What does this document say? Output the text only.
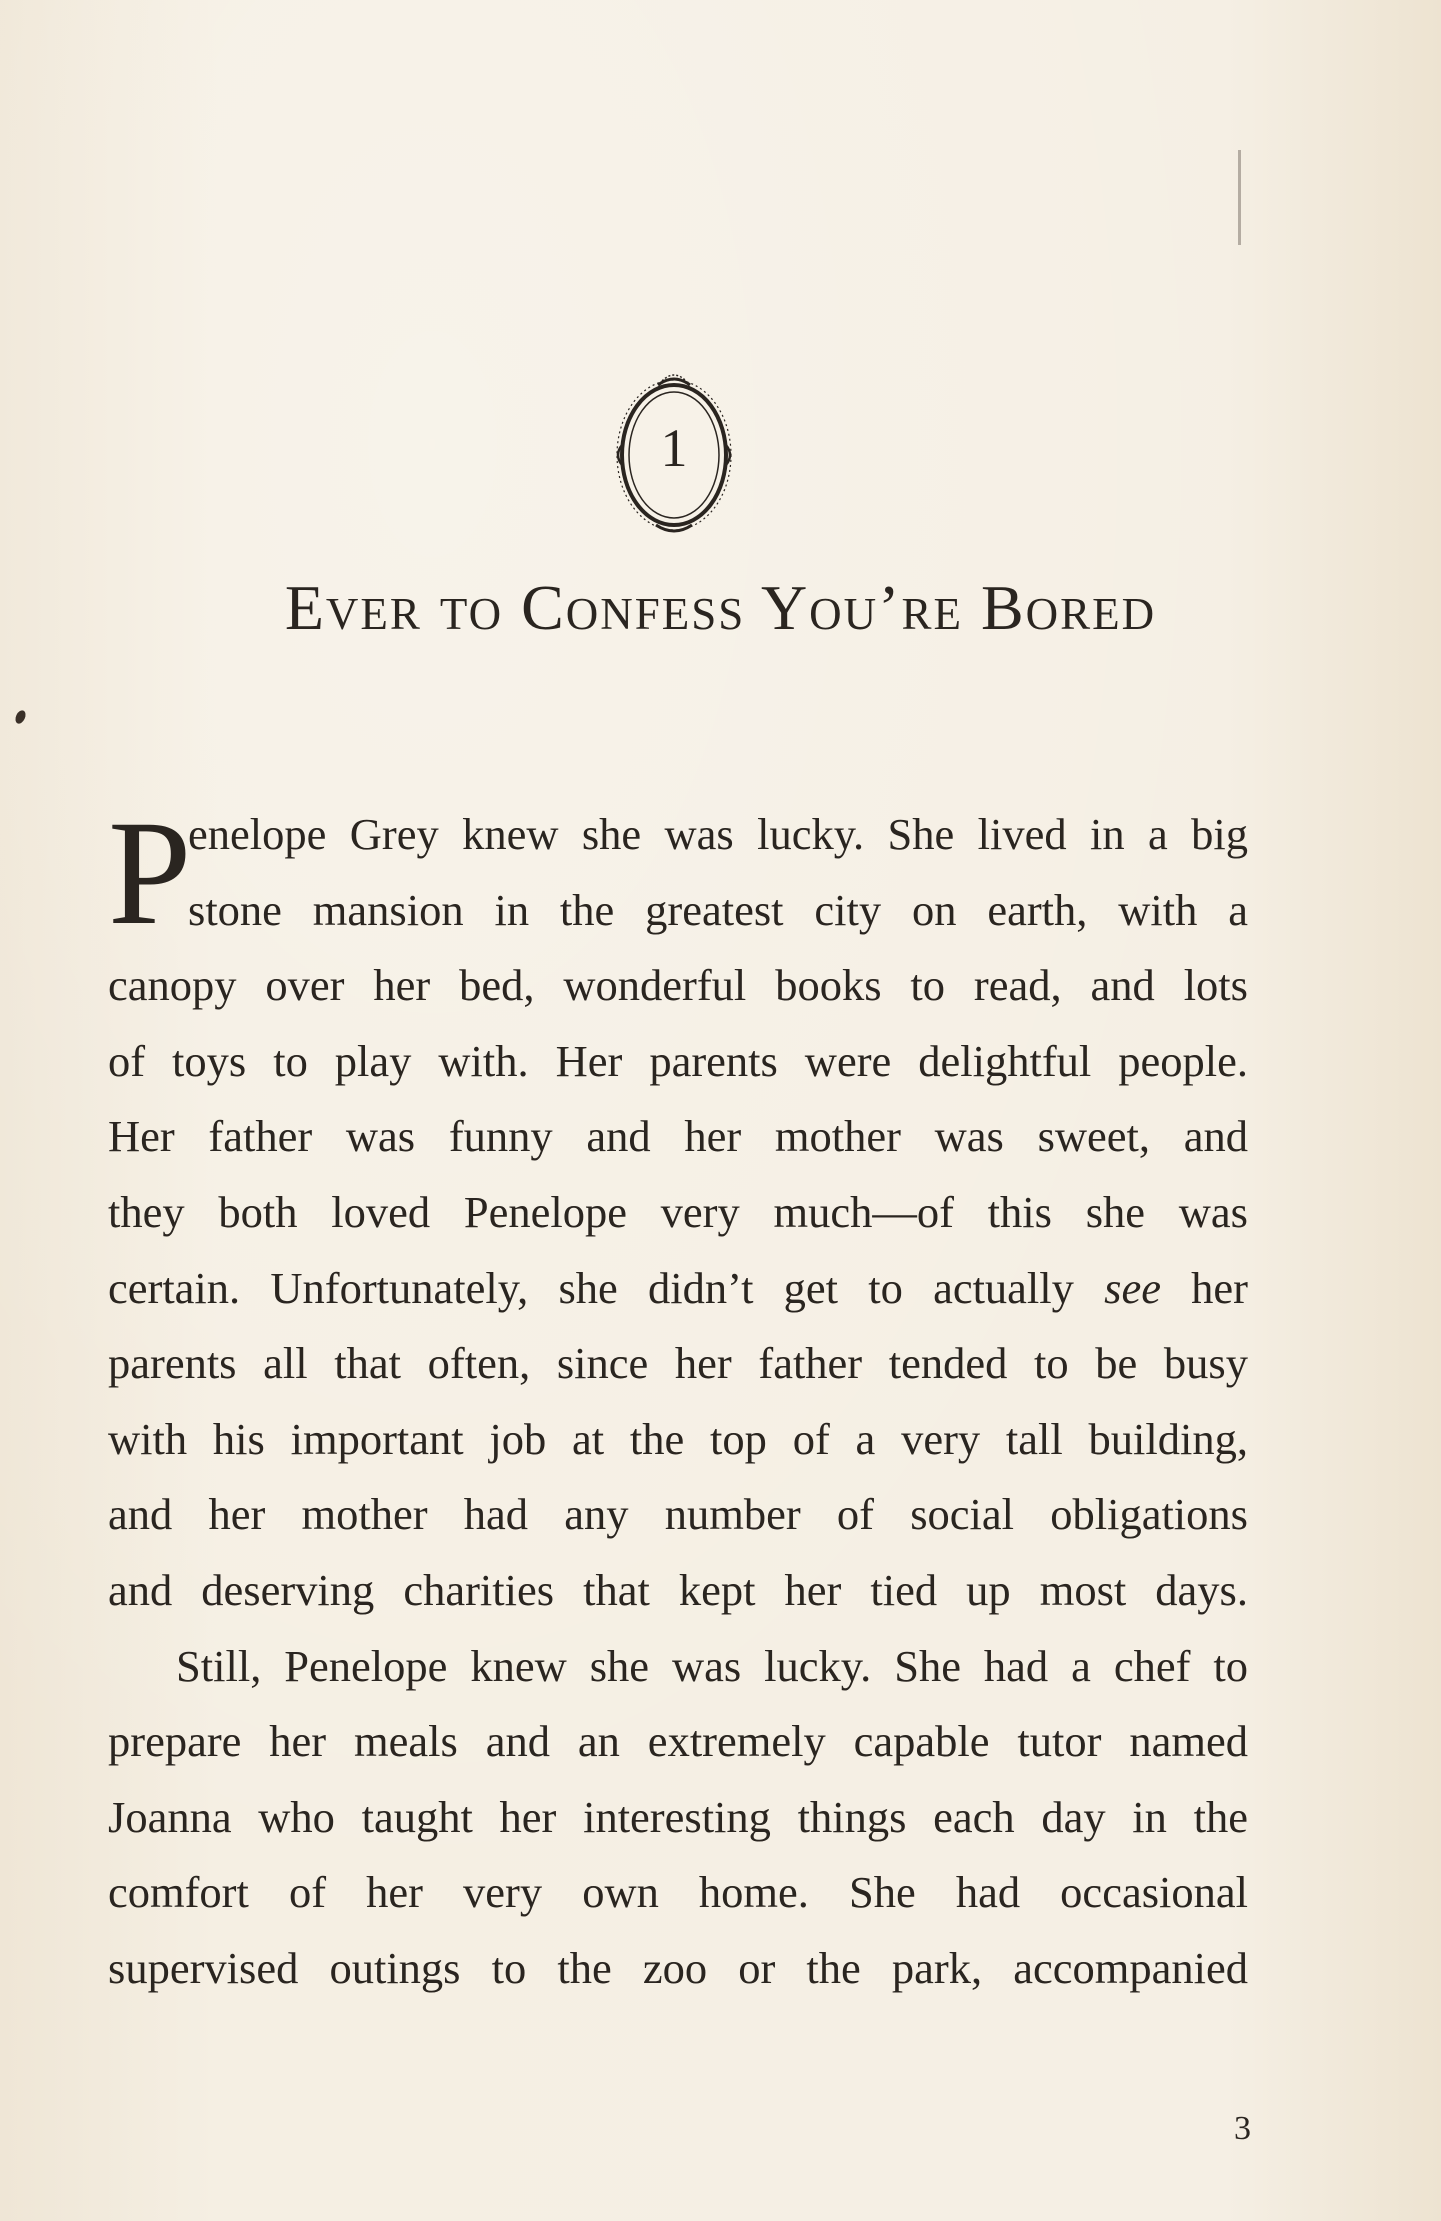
1
Ever to Confess You’re Bored
P
enelope Grey knew she was lucky. She lived in a big
stone mansion in the greatest city on earth, with a
canopy over her bed, wonderful books to read, and lots
of toys to play with. Her parents were delightful people.
Her father was funny and her mother was sweet, and
they both loved Penelope very much—of this she was
certain. Unfortunately, she didn’t get to actually see her
parents all that often, since her father tended to be busy
with his important job at the top of a very tall building,
and her mother had any number of social obligations
and deserving charities that kept her tied up most days.
Still, Penelope knew she was lucky. She had a chef to
prepare her meals and an extremely capable tutor named
Joanna who taught her interesting things each day in the
comfort of her very own home. She had occasional
supervised outings to the zoo or the park, accompanied
3
